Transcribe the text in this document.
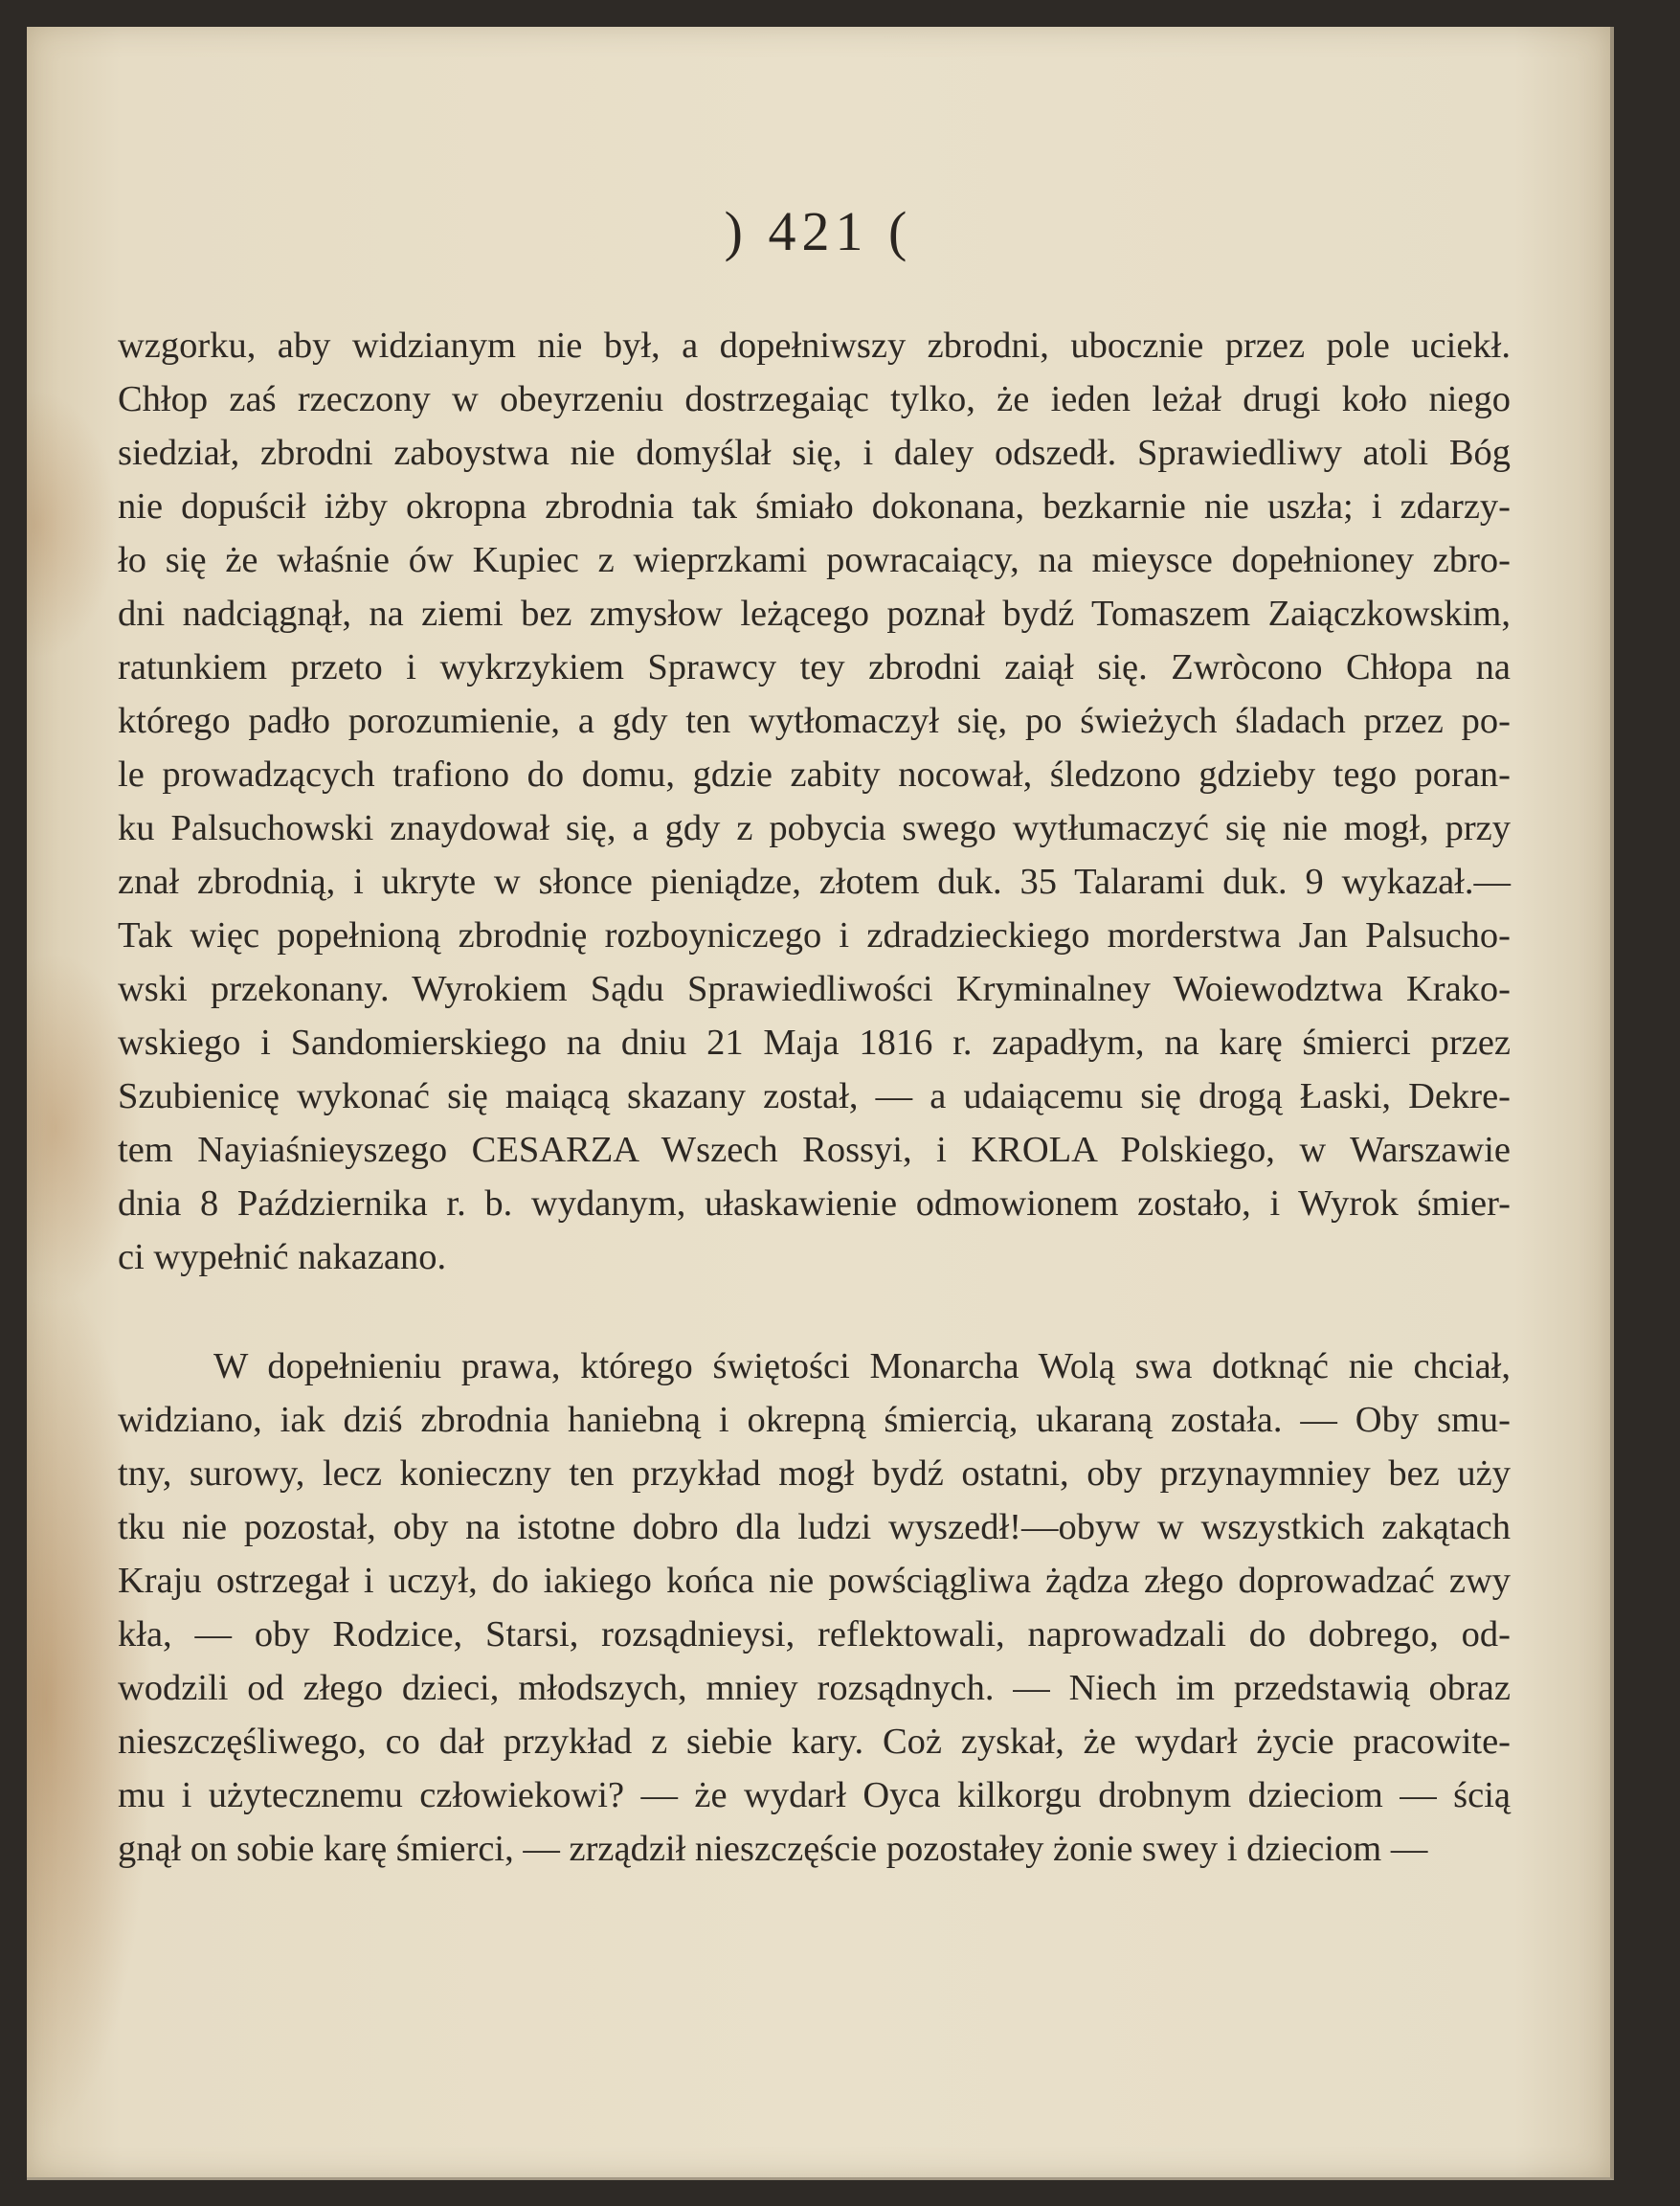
) 421 (
wzgorku, aby widzianym nie był, a dopełniwszy zbrodni, ubocznie przez pole uciekł.
Chłop zaś rzeczony w obeyrzeniu dostrzegaiąc tylko, że ieden leżał drugi koło niego
siedział, zbrodni zaboystwa nie domyślał się, i daley odszedł. Sprawiedliwy atoli Bóg
nie dopuścił iżby okropna zbrodnia tak śmiało dokonana, bezkarnie nie uszła; i zdarzy-
ło się że właśnie ów Kupiec z wieprzkami powracaiący, na mieysce dopełnioney zbro-
dni nadciągnął, na ziemi bez zmysłow leżącego poznał bydź Tomaszem Zaiączkowskim,
ratunkiem przeto i wykrzykiem Sprawcy tey zbrodni zaiął się. Zwròcono Chłopa na
którego padło porozumienie, a gdy ten wytłomaczył się, po świeżych śladach przez po-
le prowadzących trafiono do domu, gdzie zabity nocował, śledzono gdzieby tego poran-
ku Palsuchowski znaydował się, a gdy z pobycia swego wytłumaczyć się nie mogł, przy
znał zbrodnią, i ukryte w słonce pieniądze, złotem duk. 35 Talarami duk. 9 wykazał.—
Tak więc popełnioną zbrodnię rozboyniczego i zdradzieckiego morderstwa Jan Palsucho-
wski przekonany. Wyrokiem Sądu Sprawiedliwości Kryminalney Woiewodztwa Krako-
wskiego i Sandomierskiego na dniu 21 Maja 1816 r. zapadłym, na karę śmierci przez
Szubienicę wykonać się maiącą skazany został, — a udaiącemu się drogą Łaski, Dekre-
tem Nayiaśnieyszego CESARZA Wszech Rossyi, i KROLA Polskiego, w Warszawie
dnia 8 Października r. b. wydanym, ułaskawienie odmowionem zostało, i Wyrok śmier-
ci wypełnić nakazano.
W dopełnieniu prawa, którego świętości Monarcha Wolą swa dotknąć nie chciał,
widziano, iak dziś zbrodnia haniebną i okrepną śmiercią, ukaraną została. — Oby smu-
tny, surowy, lecz konieczny ten przykład mogł bydź ostatni, oby przynaymniey bez uży
tku nie pozostał, oby na istotne dobro dla ludzi wyszedł!—obyw w wszystkich zakątach
Kraju ostrzegał i uczył, do iakiego końca nie powściągliwa żądza złego doprowadzać zwy
kła, — oby Rodzice, Starsi, rozsądnieysi, reflektowali, naprowadzali do dobrego, od-
wodzili od złego dzieci, młodszych, mniey rozsądnych. — Niech im przedstawią obraz
nieszczęśliwego, co dał przykład z siebie kary. Coż zyskał, że wydarł życie pracowite-
mu i użytecznemu człowiekowi? — że wydarł Oyca kilkorgu drobnym dzieciom — ścią
gnął on sobie karę śmierci, — zrządził nieszczęście pozostałey żonie swey i dzieciom —
